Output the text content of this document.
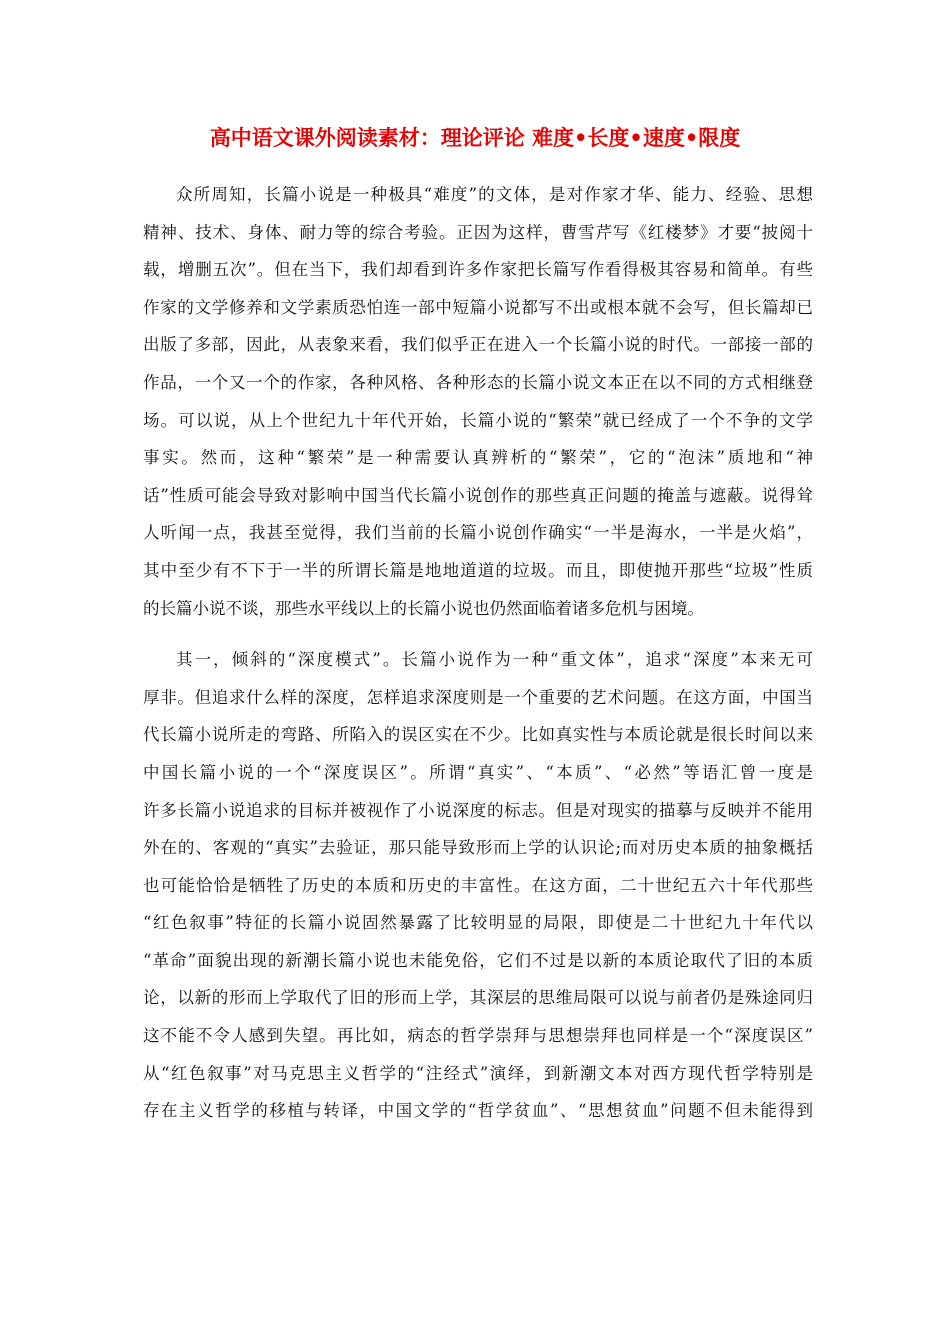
高中语文课外阅读素材：理论评论 难度•长度•速度•限度
众所周知，长篇小说是一种极具“难度”的文体，是对作家才华、能力、经验、思想
精神、技术、身体、耐力等的综合考验。正因为这样，曹雪芹写《红楼梦》才要“披阅十
载，增删五次”。但在当下，我们却看到许多作家把长篇写作看得极其容易和简单。有些
作家的文学修养和文学素质恐怕连一部中短篇小说都写不出或根本就不会写，但长篇却已
出版了多部，因此，从表象来看，我们似乎正在进入一个长篇小说的时代。一部接一部的
作品，一个又一个的作家，各种风格、各种形态的长篇小说文本正在以不同的方式相继登
场。可以说，从上个世纪九十年代开始，长篇小说的“繁荣”就已经成了一个不争的文学
事实。然而，这种“繁荣”是一种需要认真辨析的“繁荣”，它的“泡沫”质地和“神
话”性质可能会导致对影响中国当代长篇小说创作的那些真正问题的掩盖与遮蔽。说得耸
人听闻一点，我甚至觉得，我们当前的长篇小说创作确实“一半是海水，一半是火焰”，
其中至少有不下于一半的所谓长篇是地地道道的垃圾。而且，即使抛开那些“垃圾”性质
的长篇小说不谈，那些水平线以上的长篇小说也仍然面临着诸多危机与困境。
其一，倾斜的“深度模式”。长篇小说作为一种“重文体”，追求“深度”本来无可
厚非。但追求什么样的深度，怎样追求深度则是一个重要的艺术问题。在这方面，中国当
代长篇小说所走的弯路、所陷入的误区实在不少。比如真实性与本质论就是很长时间以来
中国长篇小说的一个“深度误区”。所谓“真实”、“本质”、“必然”等语汇曾一度是
许多长篇小说追求的目标并被视作了小说深度的标志。但是对现实的描摹与反映并不能用
外在的、客观的“真实”去验证，那只能导致形而上学的认识论;而对历史本质的抽象概括
也可能恰恰是牺牲了历史的本质和历史的丰富性。在这方面，二十世纪五六十年代那些
“红色叙事”特征的长篇小说固然暴露了比较明显的局限，即使是二十世纪九十年代以
“革命”面貌出现的新潮长篇小说也未能免俗，它们不过是以新的本质论取代了旧的本质
论，以新的形而上学取代了旧的形而上学，其深层的思维局限可以说与前者仍是殊途同归
这不能不令人感到失望。再比如，病态的哲学崇拜与思想崇拜也同样是一个“深度误区”
从“红色叙事”对马克思主义哲学的“注经式”演绎，到新潮文本对西方现代哲学特别是
存在主义哲学的移植与转译，中国文学的“哲学贫血”、“思想贫血”问题不但未能得到
